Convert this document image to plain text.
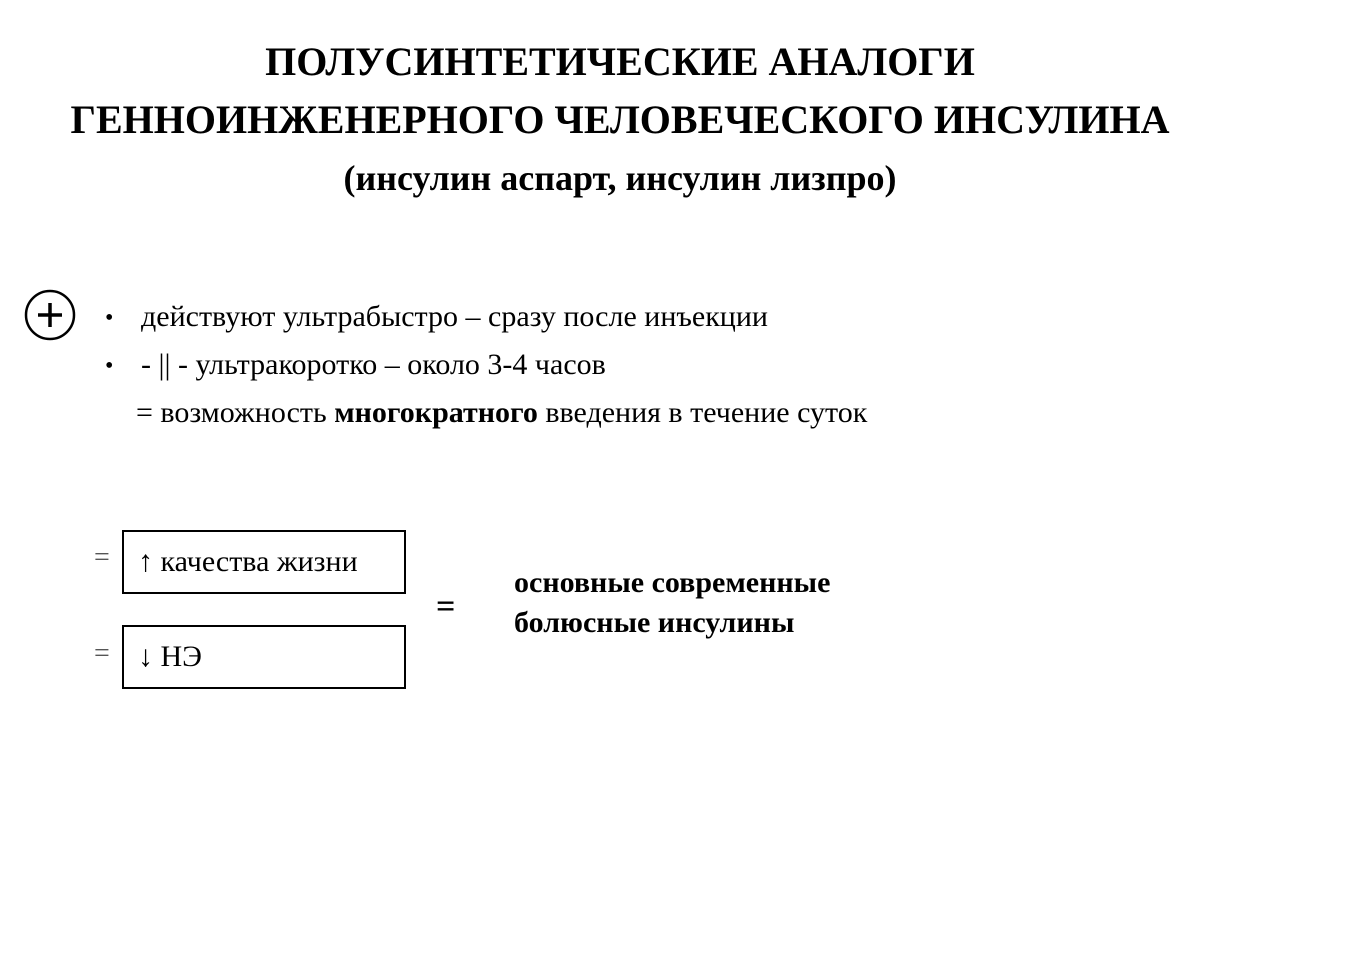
ПОЛУСИНТЕТИЧЕСКИЕ АНАЛОГИ
ГЕННОИНЖЕНЕРНОГО ЧЕЛОВЕЧЕСКОГО ИНСУЛИНА
(инсулин аспарт, инсулин лизпро)
• действуют ультрабыстро – сразу после инъекции
• - || - ультракоротко – около 3-4 часов
= возможность многократного введения в течение суток
= ↑ качества жизни
= ↓ НЭ
=
основные современные
болюсные инсулины
